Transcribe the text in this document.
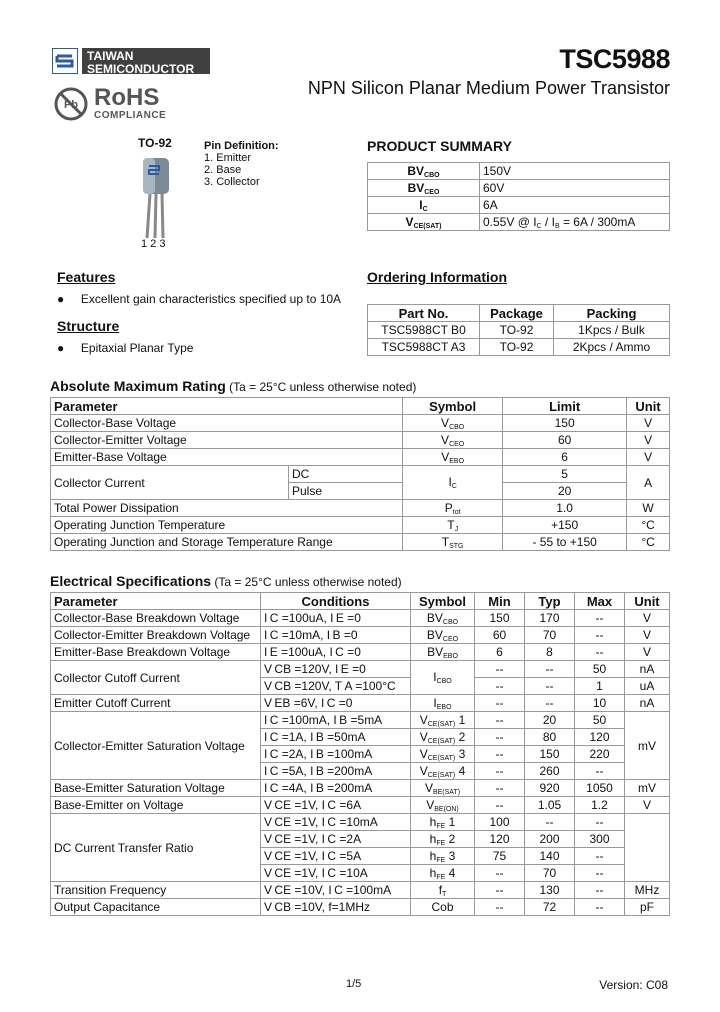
TAIWAN
SEMICONDUCTOR	TSC5988
NPN Silicon Planar Medium Power Transistor
Pb RoHS
COMPLIANCE
TO-92
1 2 3
Pin Definition:
1. Emitter
2. Base
3. Collector
PRODUCT SUMMARY
$BV_{CBO}$	150V
$BV_{CEO}$	60V
$I_C$	6A
$V_{CE(SAT)}$	0.55V @ $I_C / I_B = 6A / 300mA$
Features
●     Excellent gain characteristics specified up to 10A
Structure
●     Epitaxial Planar Type
Ordering Information
Part No.	Package	Packing
TSC5988CT B0	TO-92	1Kpcs / Bulk
TSC5988CT A3	TO-92	2Kpcs / Ammo
Absolute Maximum Rating (Ta = 25°C unless otherwise noted)
Parameter		Symbol	Limit	Unit
Collector-Base Voltage		$V_{CBO}$	150	V
Collector-Emitter Voltage		$V_{CEO}$	60	V
Emitter-Base Voltage		$V_{EBO}$	6	V
Collector Current	DC	$I_C$	5	A
	Pulse		20	
Total Power Dissipation		$P_{tot}$	1.0	W
Operating Junction Temperature		$T_J$	+150	°C
Operating Junction and Storage Temperature Range		$T_{STG}$	- 55 to +150	°C
Electrical Specifications (Ta = 25°C unless otherwise noted)
Parameter	Conditions	Symbol	Min	Typ	Max	Unit
Collector-Base Breakdown Voltage	I C =100uA, I E =0	$BV_{CBO}$	150	170	--	V
Collector-Emitter Breakdown Voltage	I C =10mA, I B =0	$BV_{CEO}$	60	70	--	V
Emitter-Base Breakdown Voltage	I E =100uA, I C =0	$BV_{EBO}$	6	8	--	V
Collector Cutoff Current	V CB =120V, I E =0	$I_{CBO}$	--	--	50	nA
	V CB =120V, T A =100°C		--	--	1	uA
Emitter Cutoff Current	V EB =6V, I C =0	$I_{EBO}$	--	--	10	nA
Collector-Emitter Saturation Voltage	I C =100mA, I B =5mA	$V_{CE(SAT)}$ 1	--	20	50	mV
	I C =1A, I B =50mA	$V_{CE(SAT)}$ 2	--	80	120	
	I C =2A, I B =100mA	$V_{CE(SAT)}$ 3	--	150	220	
	I C =5A, I B =200mA	$V_{CE(SAT)}$ 4	--	260	--	
Base-Emitter Saturation Voltage	I C =4A, I B =200mA	$V_{BE(SAT)}$	--	920	1050	mV
Base-Emitter on Voltage	V CE =1V, I C =6A	$V_{BE(ON)}$	--	1.05	1.2	V
DC Current Transfer Ratio	V CE =1V, I C =10mA	$h_{FE}$ 1	100	--	--	
	V CE =1V, I C =2A	$h_{FE}$ 2	120	200	300	
	V CE =1V, I C =5A	$h_{FE}$ 3	75	140	--	
	V CE =1V, I C =10A	$h_{FE}$ 4	--	70	--	
Transition Frequency	V CE =10V, I C =100mA	$f_T$	--	130	--	MHz
Output Capacitance	V CB =10V, f=1MHz	Cob	--	72	--	pF
1/5	Version: C08
